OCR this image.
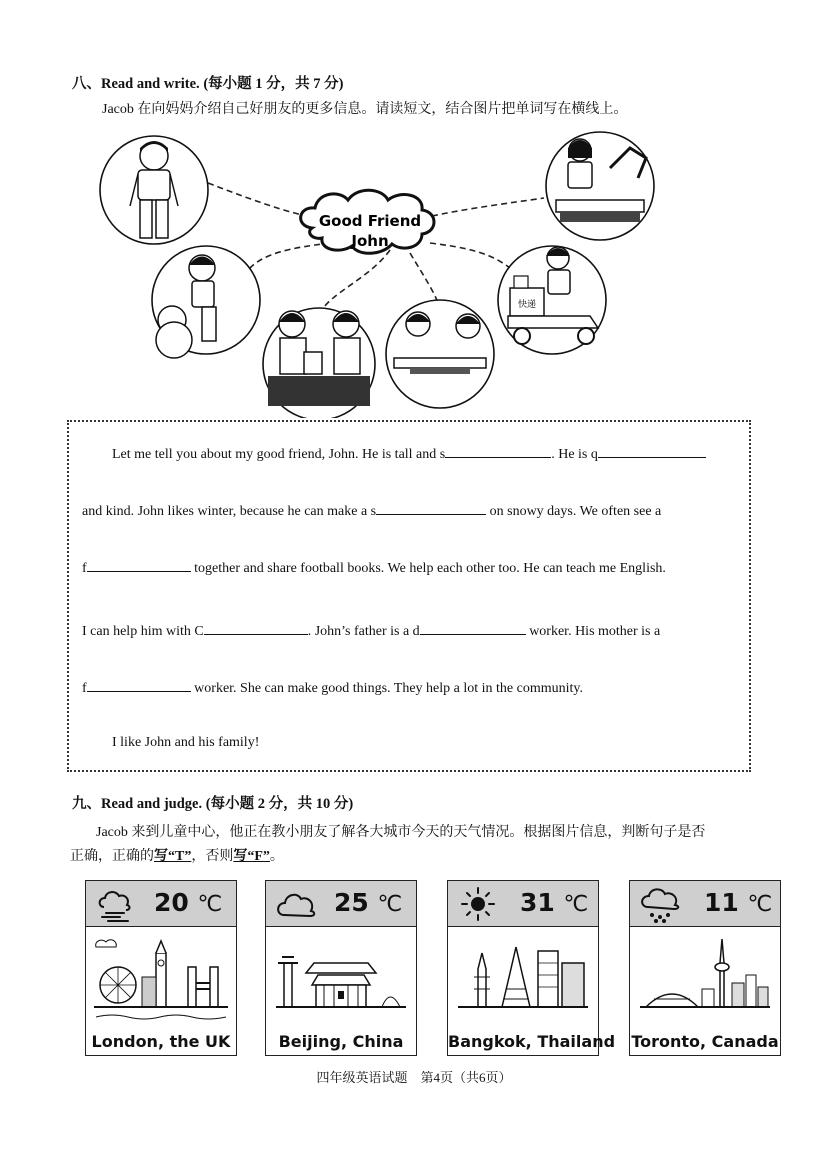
八、Read and write. (每小题 1 分，共 7 分)
Jacob 在向妈妈介绍自己好朋友的更多信息。请读短文，结合图片把单词写在横线上。
Good Friend
John
快递
Let me tell you about my good friend, John. He is tall and s	. He is q
and kind. John likes winter, because he can make a s	on snowy days. We often see a
f	together and share football books. We help each other too. He can teach me English.
I can help him with C	. John’s father is a d	worker. His mother is a
f	worker. She can make good things. They help a lot in the community.
I like John and his family!
九、Read and judge. (每小题 2 分，共 10 分)
Jacob 来到儿童中心，他正在教小朋友了解各大城市今天的天气情况。根据图片信息，判断句子是否
正确，正确的写“T”，否则写“F”。
20 ℃
London, the UK
25 ℃
Beijing, China
31 ℃
Bangkok, Thailand
11 ℃
Toronto, Canada
四年级英语试题　第4页（共6页）
